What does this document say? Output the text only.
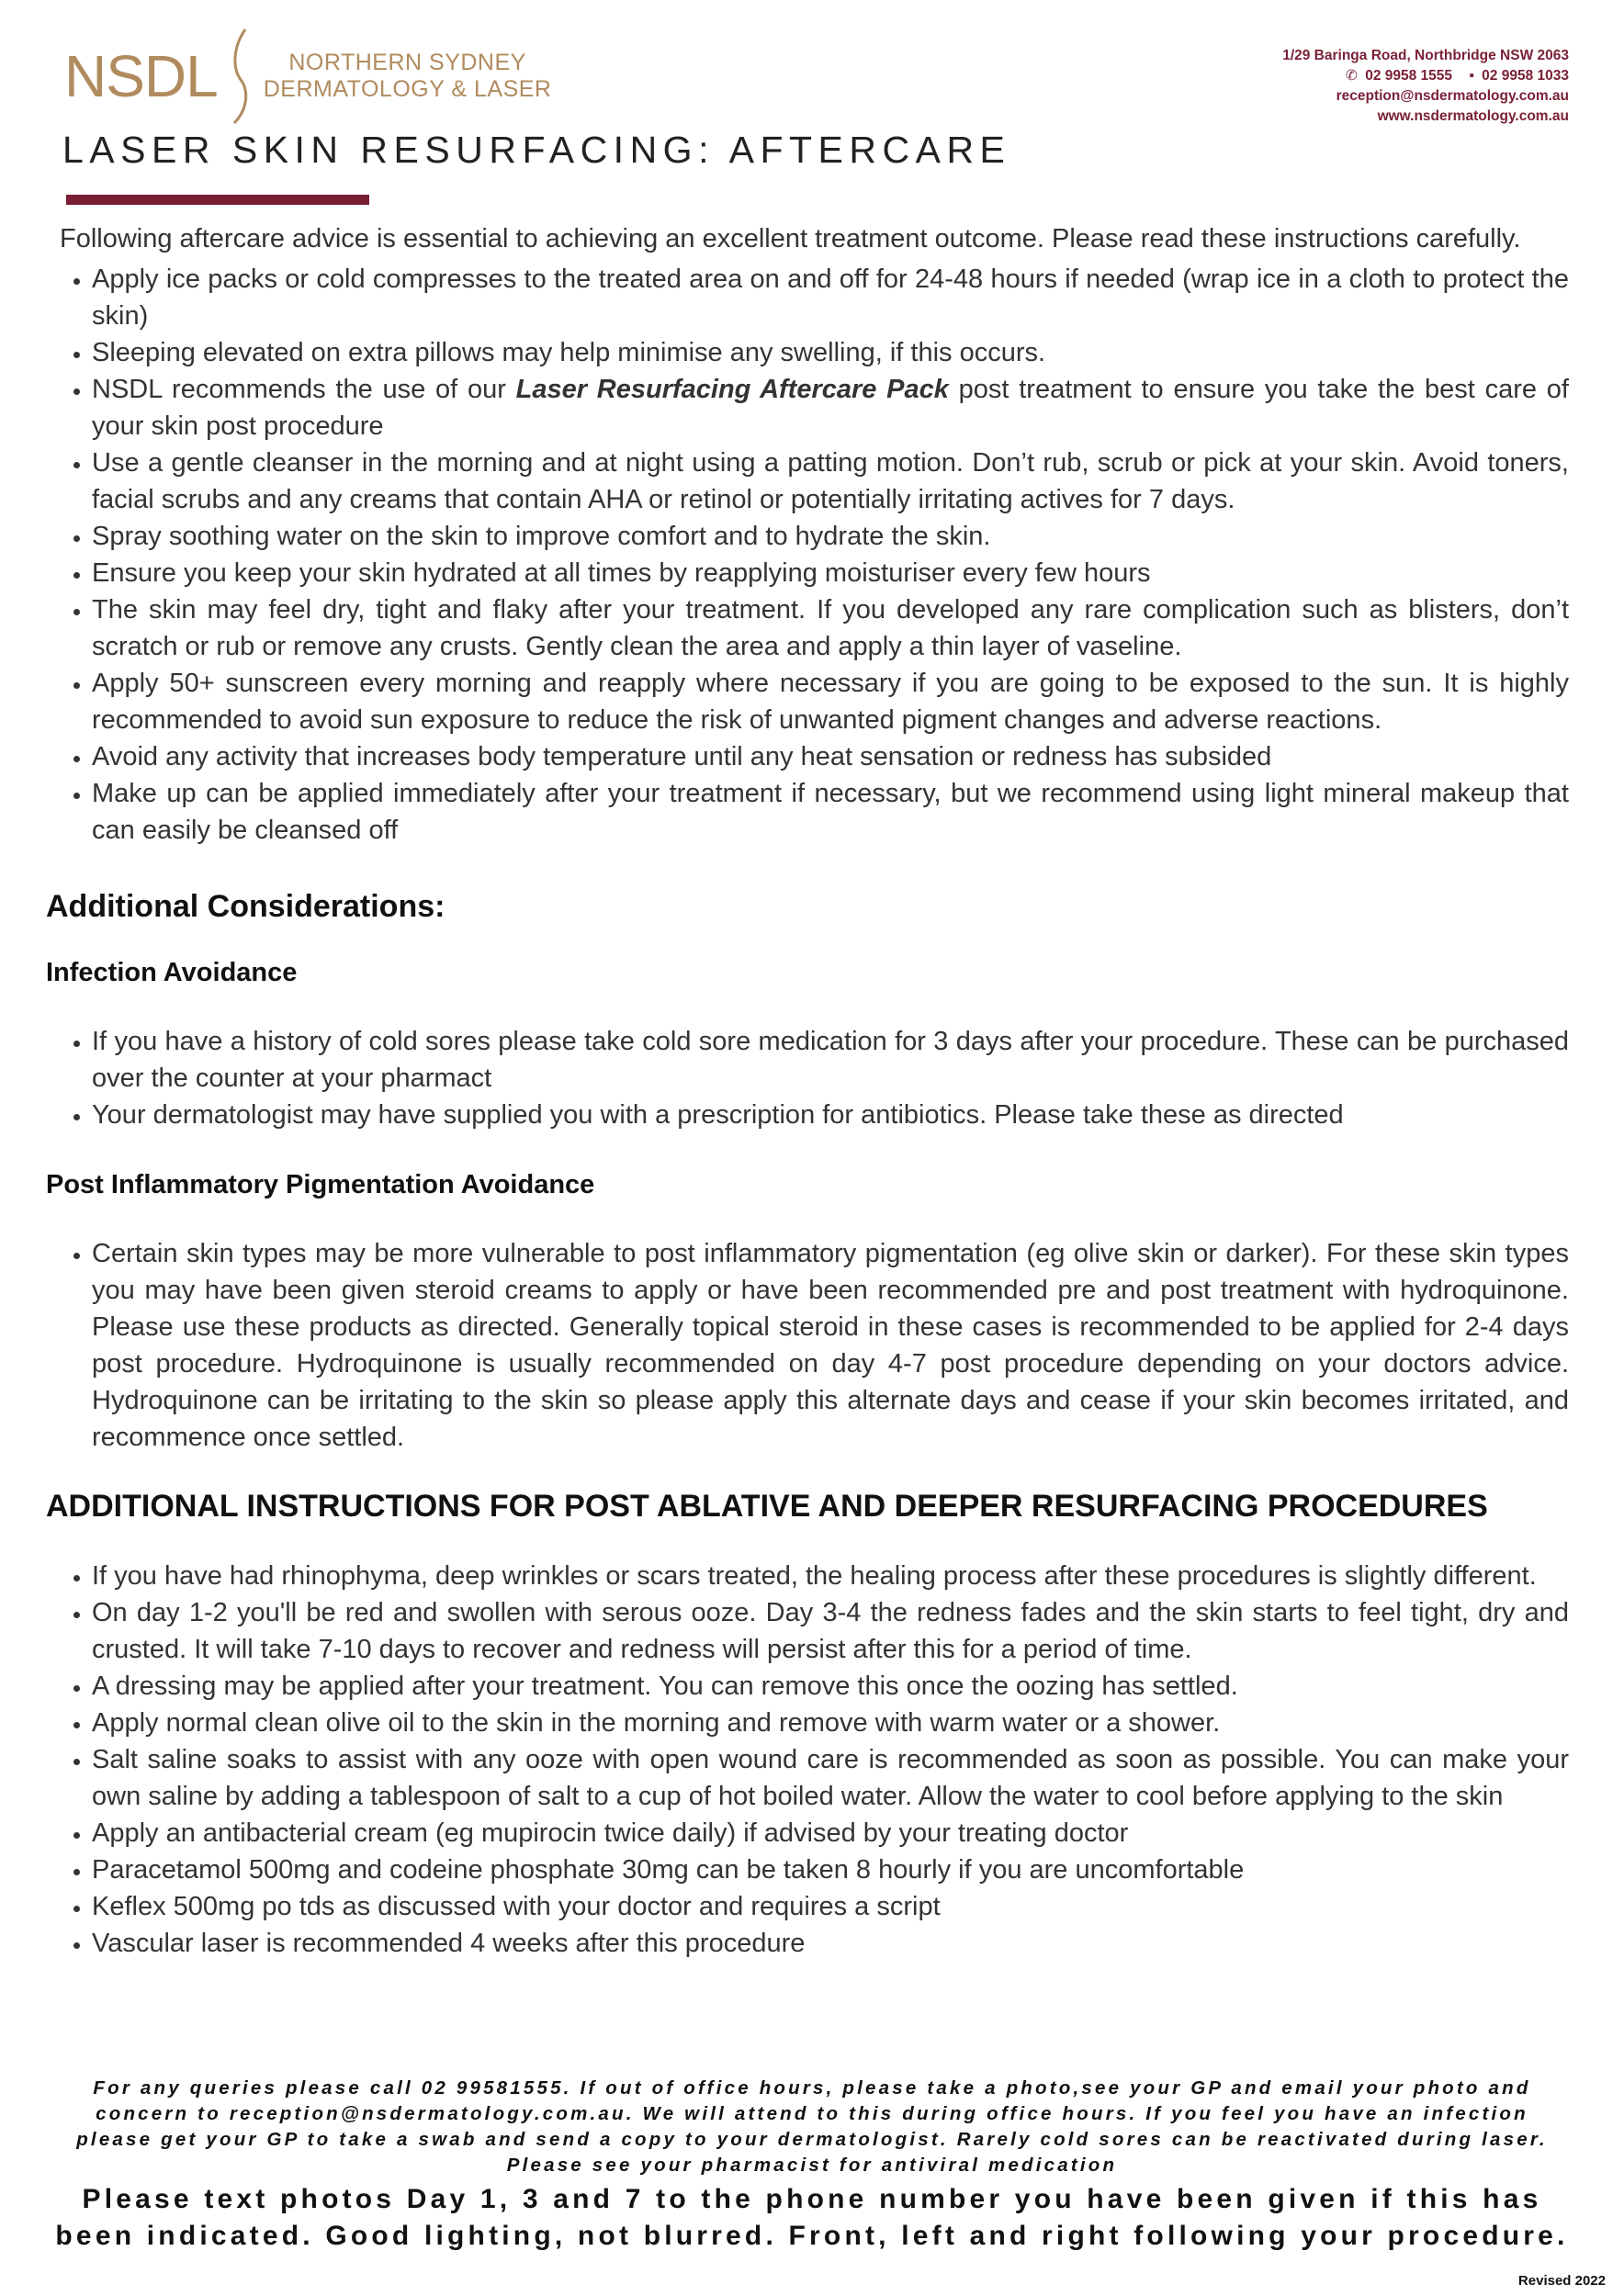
NSDL	NORTHERN SYDNEY
DERMATOLOGY & LASER
1/29 Baringa Road, Northbridge NSW 2063
✆ 02 9958 1555 ▪ 02 9958 1033
reception@nsdermatology.com.au
www.nsdermatology.com.au
LASER SKIN RESURFACING: AFTERCARE

Following aftercare advice is essential to achieving an excellent treatment outcome. Please read these instructions carefully.

• Apply ice packs or cold compresses to the treated area on and off for 24-48 hours if needed (wrap ice in a cloth to protect the skin)
• Sleeping elevated on extra pillows may help minimise any swelling, if this occurs.
• NSDL recommends the use of our Laser Resurfacing Aftercare Pack post treatment to ensure you take the best care of your skin post procedure
• Use a gentle cleanser in the morning and at night using a patting motion. Don’t rub, scrub or pick at your skin. Avoid toners, facial scrubs and any creams that contain AHA or retinol or potentially irritating actives for 7 days.
• Spray soothing water on the skin to improve comfort and to hydrate the skin.
• Ensure you keep your skin hydrated at all times by reapplying moisturiser every few hours
• The skin may feel dry, tight and flaky after your treatment. If you developed any rare complication such as blisters, don’t scratch or rub or remove any crusts. Gently clean the area and apply a thin layer of vaseline.
• Apply 50+ sunscreen every morning and reapply where necessary if you are going to be exposed to the sun. It is highly recommended to avoid sun exposure to reduce the risk of unwanted pigment changes and adverse reactions.
• Avoid any activity that increases body temperature until any heat sensation or redness has subsided
• Make up can be applied immediately after your treatment if necessary, but we recommend using light mineral makeup that can easily be cleansed off
Additional Considerations:
Infection Avoidance
• If you have a history of cold sores please take cold sore medication for 3 days after your procedure. These can be purchased over the counter at your pharmact
• Your dermatologist may have supplied you with a prescription for antibiotics. Please take these as directed
Post Inflammatory Pigmentation Avoidance
• Certain skin types may be more vulnerable to post inflammatory pigmentation (eg olive skin or darker). For these skin types you may have been given steroid creams to apply or have been recommended pre and post treatment with hydroquinone. Please use these products as directed. Generally topical steroid in these cases is recommended to be applied for 2-4 days post procedure. Hydroquinone is usually recommended on day 4-7 post procedure depending on your doctors advice. Hydroquinone can be irritating to the skin so please apply this alternate days and cease if your skin becomes irritated, and recommence once settled.
ADDITIONAL INSTRUCTIONS FOR POST ABLATIVE AND DEEPER RESURFACING PROCEDURES
• If you have had rhinophyma, deep wrinkles or scars treated, the healing process after these procedures is slightly different.
• On day 1-2 you'll be red and swollen with serous ooze. Day 3-4 the redness fades and the skin starts to feel tight, dry and crusted. It will take 7-10 days to recover and redness will persist after this for a period of time.
• A dressing may be applied after your treatment. You can remove this once the oozing has settled.
• Apply normal clean olive oil to the skin in the morning and remove with warm water or a shower.
• Salt saline soaks to assist with any ooze with open wound care is recommended as soon as possible. You can make your own saline by adding a tablespoon of salt to a cup of hot boiled water. Allow the water to cool before applying to the skin
• Apply an antibacterial cream (eg mupirocin twice daily) if advised by your treating doctor
• Paracetamol 500mg and codeine phosphate 30mg can be taken 8 hourly if you are uncomfortable
• Keflex 500mg po tds as discussed with your doctor and requires a script
• Vascular laser is recommended 4 weeks after this procedure
For any queries please call 02 99581555. If out of office hours, please take a photo,see your GP and email your photo and concern to reception@nsdermatology.com.au. We will attend to this during office hours. If you feel you have an infection please get your GP to take a swab and send a copy to your dermatologist. Rarely cold sores can be reactivated during laser. Please see your pharmacist for antiviral medication
Please text photos Day 1, 3 and 7 to the phone number you have been given if this has been indicated. Good lighting, not blurred. Front, left and right following your procedure.
Revised 2022
